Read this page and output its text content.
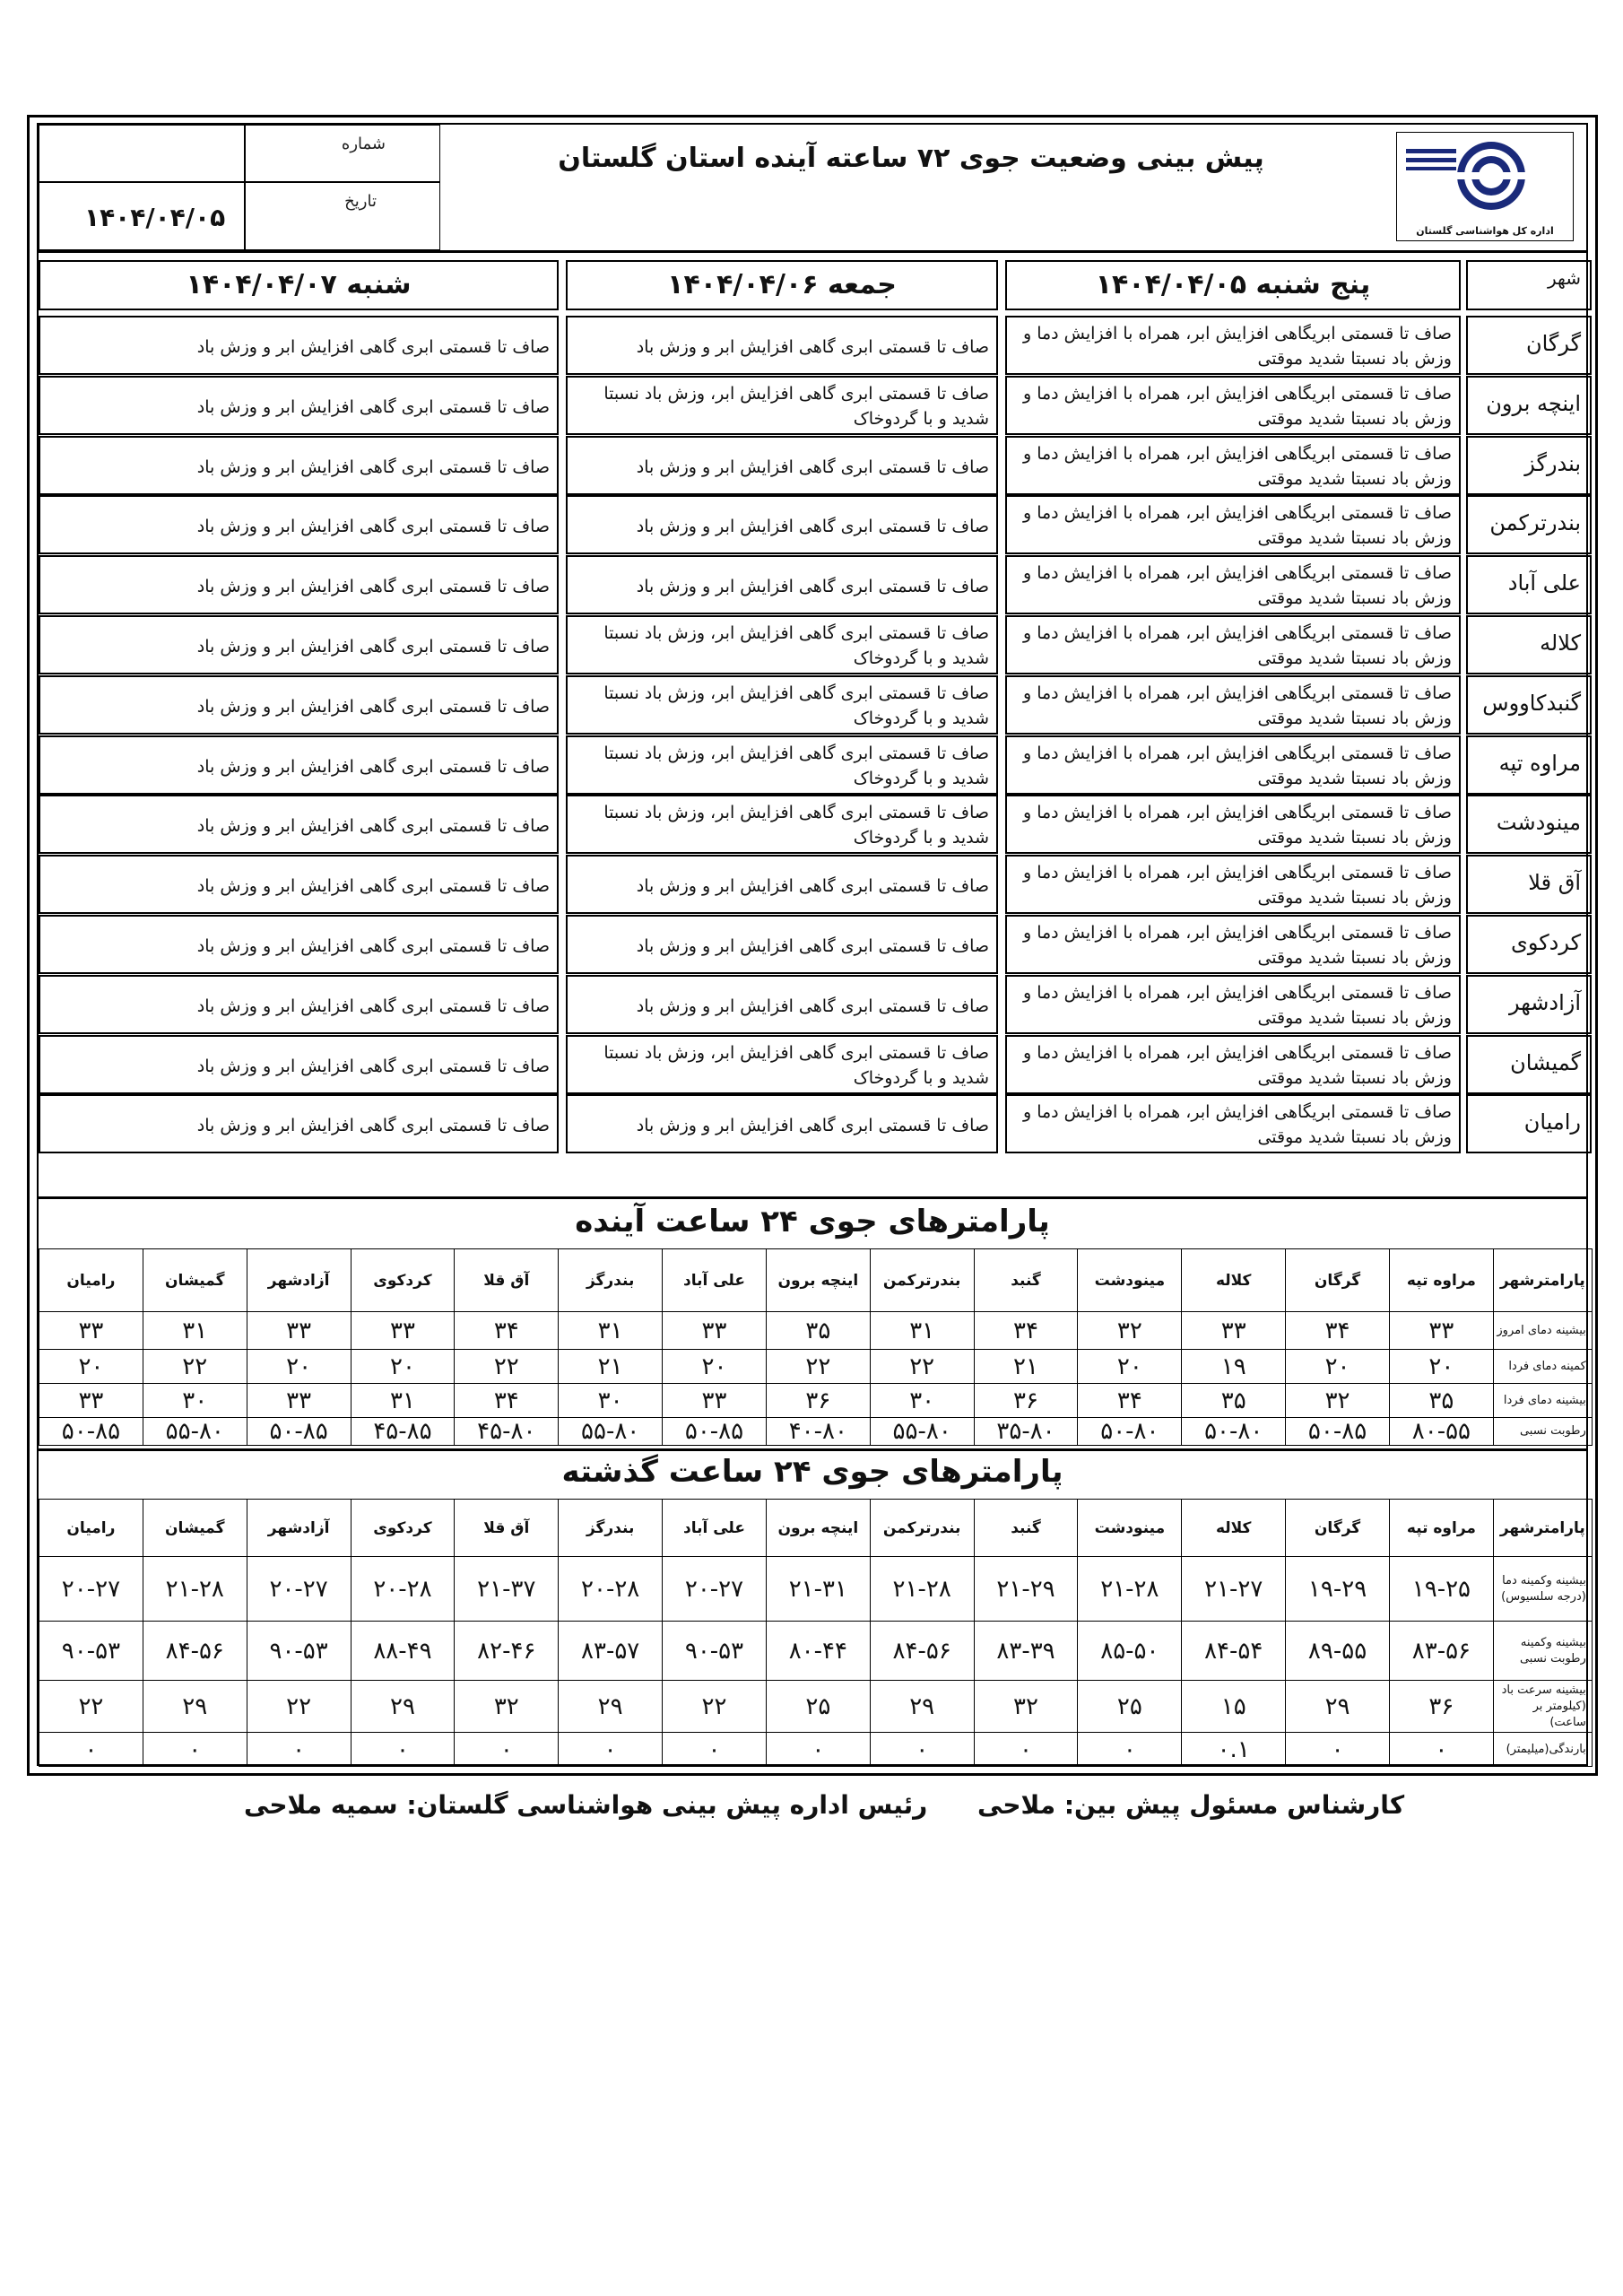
شماره
۱۴۰۴/۰۴/۰۵
تاریخ
پیش بینی وضعیت جوی ۷۲ ساعته آینده استان گلستان
اداره کل هواشناسی گلستان
شهر
پنج شنبه ۱۴۰۴/۰۴/۰۵
جمعه ۱۴۰۴/۰۴/۰۶
شنبه ۱۴۰۴/۰۴/۰۷
گرگان
صاف تا قسمتی ابریگاهی افزایش ابر، همراه با افزایش دما و وزش باد نسبتا شدید موقتی
صاف تا قسمتی ابری گاهی افزایش ابر و وزش باد
صاف تا قسمتی ابری گاهی افزایش ابر و وزش باد
اینچه برون
صاف تا قسمتی ابریگاهی افزایش ابر، همراه با افزایش دما و وزش باد نسبتا شدید موقتی
صاف تا قسمتی ابری گاهی افزایش ابر، وزش باد نسبتا شدید و با گردوخاک
صاف تا قسمتی ابری گاهی افزایش ابر و وزش باد
بندرگز
صاف تا قسمتی ابریگاهی افزایش ابر، همراه با افزایش دما و وزش باد نسبتا شدید موقتی
صاف تا قسمتی ابری گاهی افزایش ابر و وزش باد
صاف تا قسمتی ابری گاهی افزایش ابر و وزش باد
بندرترکمن
صاف تا قسمتی ابریگاهی افزایش ابر، همراه با افزایش دما و وزش باد نسبتا شدید موقتی
صاف تا قسمتی ابری گاهی افزایش ابر و وزش باد
صاف تا قسمتی ابری گاهی افزایش ابر و وزش باد
علی آباد
صاف تا قسمتی ابریگاهی افزایش ابر، همراه با افزایش دما و وزش باد نسبتا شدید موقتی
صاف تا قسمتی ابری گاهی افزایش ابر و وزش باد
صاف تا قسمتی ابری گاهی افزایش ابر و وزش باد
کلاله
صاف تا قسمتی ابریگاهی افزایش ابر، همراه با افزایش دما و وزش باد نسبتا شدید موقتی
صاف تا قسمتی ابری گاهی افزایش ابر، وزش باد نسبتا شدید و با گردوخاک
صاف تا قسمتی ابری گاهی افزایش ابر و وزش باد
گنبدکاووس
صاف تا قسمتی ابریگاهی افزایش ابر، همراه با افزایش دما و وزش باد نسبتا شدید موقتی
صاف تا قسمتی ابری گاهی افزایش ابر، وزش باد نسبتا شدید و با گردوخاک
صاف تا قسمتی ابری گاهی افزایش ابر و وزش باد
مراوه تپه
صاف تا قسمتی ابریگاهی افزایش ابر، همراه با افزایش دما و وزش باد نسبتا شدید موقتی
صاف تا قسمتی ابری گاهی افزایش ابر، وزش باد نسبتا شدید و با گردوخاک
صاف تا قسمتی ابری گاهی افزایش ابر و وزش باد
مینودشت
صاف تا قسمتی ابریگاهی افزایش ابر، همراه با افزایش دما و وزش باد نسبتا شدید موقتی
صاف تا قسمتی ابری گاهی افزایش ابر، وزش باد نسبتا شدید و با گردوخاک
صاف تا قسمتی ابری گاهی افزایش ابر و وزش باد
آق قلا
صاف تا قسمتی ابریگاهی افزایش ابر، همراه با افزایش دما و وزش باد نسبتا شدید موقتی
صاف تا قسمتی ابری گاهی افزایش ابر و وزش باد
صاف تا قسمتی ابری گاهی افزایش ابر و وزش باد
کردکوی
صاف تا قسمتی ابریگاهی افزایش ابر، همراه با افزایش دما و وزش باد نسبتا شدید موقتی
صاف تا قسمتی ابری گاهی افزایش ابر و وزش باد
صاف تا قسمتی ابری گاهی افزایش ابر و وزش باد
آزادشهر
صاف تا قسمتی ابریگاهی افزایش ابر، همراه با افزایش دما و وزش باد نسبتا شدید موقتی
صاف تا قسمتی ابری گاهی افزایش ابر و وزش باد
صاف تا قسمتی ابری گاهی افزایش ابر و وزش باد
گمیشان
صاف تا قسمتی ابریگاهی افزایش ابر، همراه با افزایش دما و وزش باد نسبتا شدید موقتی
صاف تا قسمتی ابری گاهی افزایش ابر، وزش باد نسبتا شدید و با گردوخاک
صاف تا قسمتی ابری گاهی افزایش ابر و وزش باد
رامیان
صاف تا قسمتی ابریگاهی افزایش ابر، همراه با افزایش دما و وزش باد نسبتا شدید موقتی
صاف تا قسمتی ابری گاهی افزایش ابر و وزش باد
صاف تا قسمتی ابری گاهی افزایش ابر و وزش باد
پارامترهای جوی ۲۴ ساعت آینده
پارامترشهر	مراوه تپه	گرگان	کلاله	مینودشت	گنبد	بندرترکمن	اینچه برون	علی آباد	بندرگز	آق قلا	کردکوی	آزادشهر	گمیشان	رامیان
بیشینه دمای امروز	۳۳	۳۴	۳۳	۳۲	۳۴	۳۱	۳۵	۳۳	۳۱	۳۴	۳۳	۳۳	۳۱	۳۳
کمینه دمای فردا	۲۰	۲۰	۱۹	۲۰	۲۱	۲۲	۲۲	۲۰	۲۱	۲۲	۲۰	۲۰	۲۲	۲۰
بیشینه دمای فردا	۳۵	۳۲	۳۵	۳۴	۳۶	۳۰	۳۶	۳۳	۳۰	۳۴	۳۱	۳۳	۳۰	۳۳
رطوبت نسبی	۸۰-۵۵	۵۰-۸۵	۵۰-۸۰	۵۰-۸۰	۳۵-۸۰	۵۵-۸۰	۴۰-۸۰	۵۰-۸۵	۵۵-۸۰	۴۵-۸۰	۴۵-۸۵	۵۰-۸۵	۵۵-۸۰	۵۰-۸۵
پارامترهای جوی ۲۴ ساعت گذشته
پارامترشهر	مراوه تپه	گرگان	کلاله	مینودشت	گنبد	بندرترکمن	اینچه برون	علی آباد	بندرگز	آق قلا	کردکوی	آزادشهر	گمیشان	رامیان
بیشینه وکمینه دما (درجه سلسیوس)	۱۹-۲۵	۱۹-۲۹	۲۱-۲۷	۲۱-۲۸	۲۱-۲۹	۲۱-۲۸	۲۱-۳۱	۲۰-۲۷	۲۰-۲۸	۲۱-۳۷	۲۰-۲۸	۲۰-۲۷	۲۱-۲۸	۲۰-۲۷
بیشینه وکمینه رطوبت نسبی	۸۳-۵۶	۸۹-۵۵	۸۴-۵۴	۸۵-۵۰	۸۳-۳۹	۸۴-۵۶	۸۰-۴۴	۹۰-۵۳	۸۳-۵۷	۸۲-۴۶	۸۸-۴۹	۹۰-۵۳	۸۴-۵۶	۹۰-۵۳
بیشینه سرعت باد (کیلومتر بر ساعت)	۳۶	۲۹	۱۵	۲۵	۳۲	۲۹	۲۵	۲۲	۲۹	۳۲	۲۹	۲۲	۲۹	۲۲
بارندگی(میلیمتر)	۰	۰	۰.۱	۰	۰	۰	۰	۰	۰	۰	۰	۰	۰	۰
کارشناس مسئول پیش بین: ملاحی
رئیس اداره پیش بینی هواشناسی گلستان: سمیه ملاحی
